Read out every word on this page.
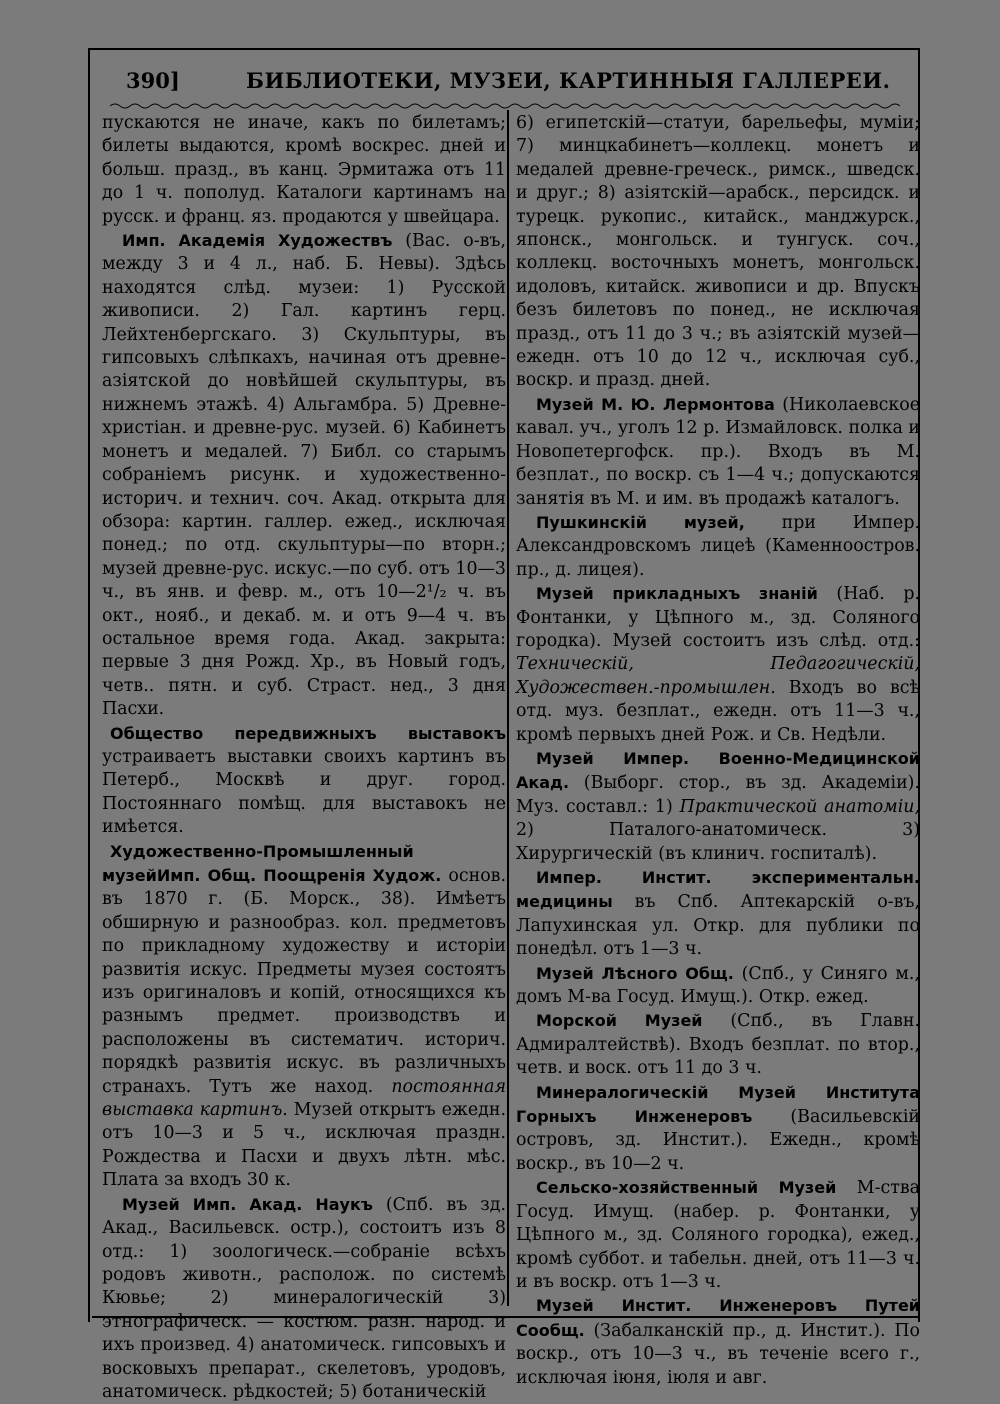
390]	БИБЛИОТЕКИ, МУЗЕИ, КАРТИННЫЯ ГАЛЛЕРЕИ.

пускаются не иначе, какъ по билетамъ; билеты выдаются, кромѣ воскрес. дней и больш. празд., въ канц. Эрмитажа отъ 11 до 1 ч. пополуд. Каталоги картинамъ на русск. и франц. яз. продаются у швейцара.

Имп. Академія Художествъ (Вас. о-въ, между 3 и 4 л., наб. Б. Невы). Здѣсь находятся слѣд. музеи: 1) Русской живописи. 2) Гал. картинъ герц. Лейхтенбергскаго. 3) Скульптуры, въ гипсовыхъ слѣпкахъ, начиная отъ древне-азіятской до новѣйшей скульптуры, въ нижнемъ этажѣ. 4) Альгамбра. 5) Древне-христіан. и древне-рус. музей. 6) Кабинетъ монетъ и медалей. 7) Библ. со старымъ собраніемъ рисунк. и художественно-историч. и технич. соч. Акад. открыта для обзора: картин. галлер. ежед., исключая понед.; по отд. скульптуры—по вторн.; музей древне-рус. искус.—по суб. отъ 10—3 ч., въ янв. и февр. м., отъ 10—2¹/₂ ч. въ окт., нояб., и декаб. м. и отъ 9—4 ч. въ остальное время года. Акад. закрыта: первые 3 дня Рожд. Хр., въ Новый годъ, четв.. пятн. и суб. Страст. нед., 3 дня Пасхи.

Общество передвижныхъ выставокъ устраиваетъ выставки своихъ картинъ въ Петерб., Москвѣ и друг. город. Постояннаго помѣщ. для выставокъ не имѣется.

Художественно-Промышленный музейИмп. Общ. Поощренія Худож. основ. въ 1870 г. (Б. Морск., 38). Имѣетъ обширную и разнообраз. кол. предметовъ по прикладному художеству и исторіи развитія искус. Предметы музея состоятъ изъ оригиналовъ и копій, относящихся къ разнымъ предмет. производствъ и расположены въ систематич. историч. порядкѣ развитія искус. въ различныхъ странахъ. Тутъ же наход. постоянная выставка картинъ. Музей открытъ ежедн. отъ 10—3 и 5 ч., исключая праздн. Рождества и Пасхи и двухъ лѣтн. мѣс. Плата за входъ 30 к.

Музей Имп. Акад. Наукъ (Спб. въ зд. Акад., Васильевск. остр.), состоитъ изъ 8 отд.: 1) зоологическ.—собраніе всѣхъ родовъ животн., располож. по системѣ Кювье; 2) минералогическій 3) этнографическ. — костюм. разн. народ. и ихъ произвед. 4) анатомическ. гипсовыхъ и восковыхъ препарат., скелетовъ, уродовъ, анатомическ. рѣдкостей; 5) ботаническій

6) египетскій—статуи, барельефы, муміи; 7) минцкабинетъ—коллекц. монетъ и медалей древне-греческ., римск., шведск. и друг.; 8) азіятскій—арабск., персидск. и турецк. рукопис., китайск., манджурск., японск., монгольск. и тунгуск. соч., коллекц. восточныхъ монетъ, монгольск. идоловъ, китайск. живописи и др. Впускъ безъ билетовъ по понед., не исключая празд., отъ 11 до 3 ч.; въ азіятскій музей—ежедн. отъ 10 до 12 ч., исключая суб., воскр. и празд. дней.

Музей М. Ю. Лермонтова (Николаевское кавал. уч., уголъ 12 р. Измайловск. полка и Новопетергофск. пр.). Входъ въ М. безплат., по воскр. съ 1—4 ч.; допускаются занятія въ М. и им. въ продажѣ каталогъ.

Пушкинскій музей, при Импер. Александровскомъ лицеѣ (Каменноостров. пр., д. лицея).

Музей прикладныхъ знаній (Наб. р. Фонтанки, у Цѣпного м., зд. Соляного городка). Музей состоитъ изъ слѣд. отд.: Техническій, Педагогическій, Художествен.-промышлен. Входъ во всѣ отд. муз. безплат., ежедн. отъ 11—3 ч., кромѣ первыхъ дней Рож. и Св. Недѣли.

Музей Импер. Военно-Медицинской Акад. (Выборг. стор., въ зд. Академіи). Муз. составл.: 1) Практической анатоміи, 2) Паталого-анатомическ. 3) Хирургическій (въ клинич. госпиталѣ).

Импер. Инстит. экспериментальн. медицины въ Спб. Аптекарскій о-въ, Лапухинская ул. Откр. для публики по понедѣл. отъ 1—3 ч.

Музей Лѣсного Общ. (Спб., у Синяго м., домъ М-ва Госуд. Имущ.). Откр. ежед.

Морской Музей (Спб., въ Главн. Адмиралтействѣ). Входъ безплат. по втор., четв. и воск. отъ 11 до 3 ч.

Минералогическій Музей Института Горныхъ Инженеровъ (Васильевскій островъ, зд. Инстит.). Ежедн., кромѣ воскр., въ 10—2 ч.

Сельско-хозяйственный Музей М-ства Госуд. Имущ. (набер. р. Фонтанки, у Цѣпного м., зд. Соляного городка), ежед., кромѣ суббот. и табельн. дней, отъ 11—3 ч. и въ воскр. отъ 1—3 ч.

Музей Инстит. Инженеровъ Путей Сообщ. (Забалканскій пр., д. Инстит.). По воскр., отъ 10—3 ч., въ теченіе всего г., исключая іюня, іюля и авг.
